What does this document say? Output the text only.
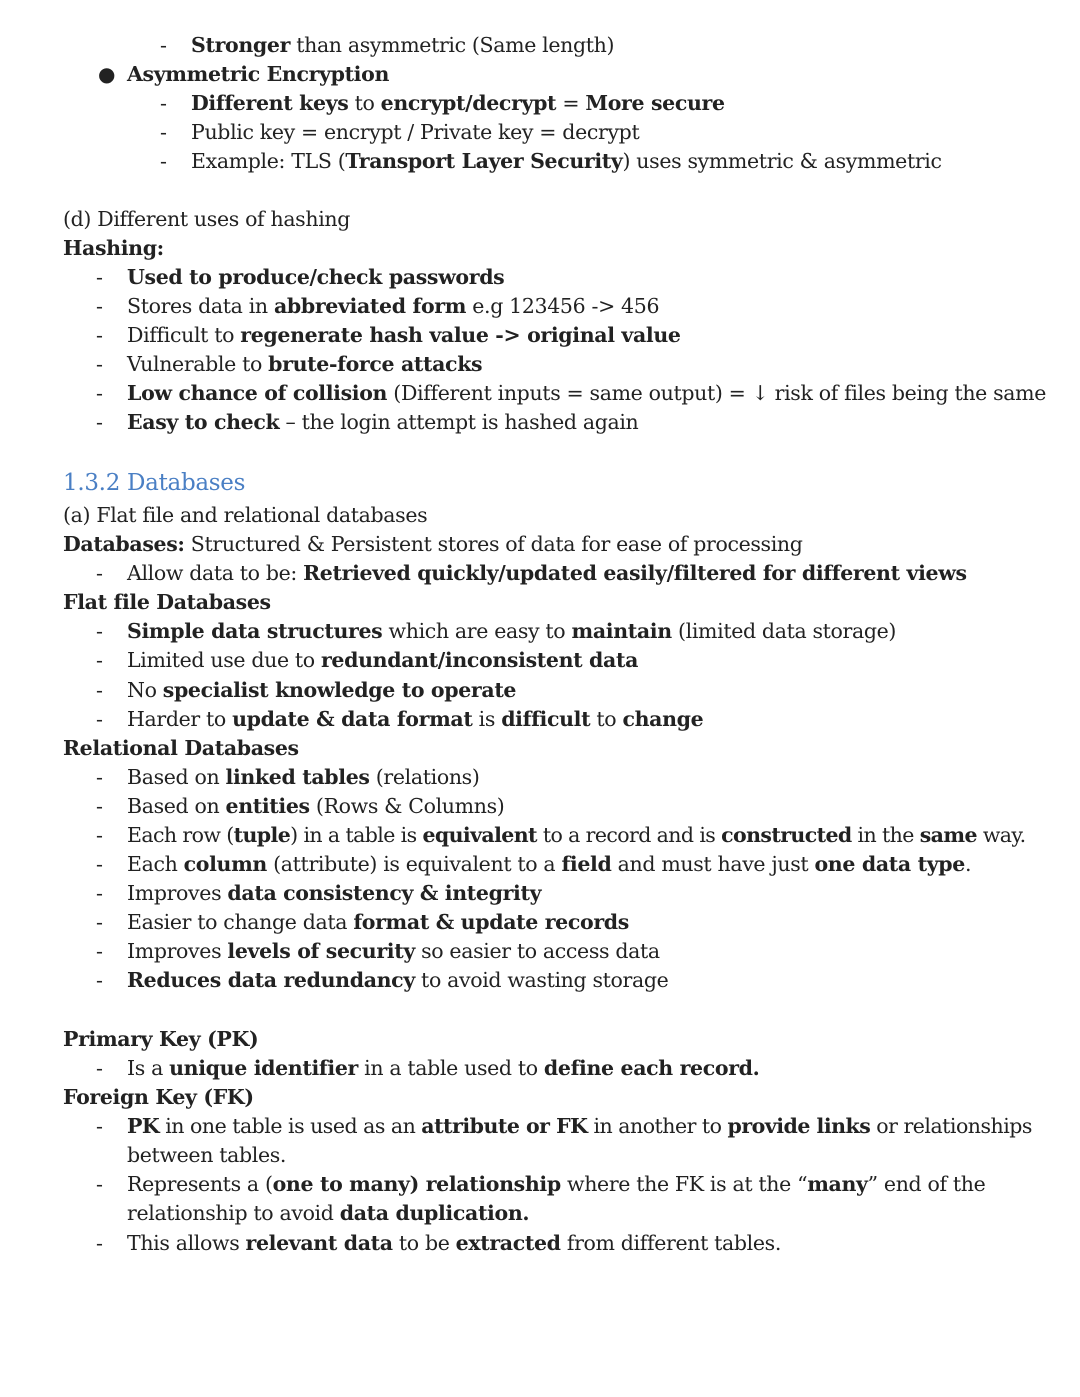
- Stronger than asymmetric (Same length)
● Asymmetric Encryption
- Different keys to encrypt/decrypt = More secure
- Public key = encrypt / Private key = decrypt
- Example: TLS (Transport Layer Security) uses symmetric & asymmetric
(d) Different uses of hashing
Hashing:
- Used to produce/check passwords
- Stores data in abbreviated form e.g 123456 -> 456
- Difficult to regenerate hash value -> original value
- Vulnerable to brute-force attacks
- Low chance of collision (Different inputs = same output) = ↓ risk of files being the same
- Easy to check – the login attempt is hashed again
1.3.2 Databases
(a) Flat file and relational databases
Databases: Structured & Persistent stores of data for ease of processing
- Allow data to be: Retrieved quickly/updated easily/filtered for different views
Flat file Databases
- Simple data structures which are easy to maintain (limited data storage)
- Limited use due to redundant/inconsistent data
- No specialist knowledge to operate
- Harder to update & data format is difficult to change
Relational Databases
- Based on linked tables (relations)
- Based on entities (Rows & Columns)
- Each row (tuple) in a table is equivalent to a record and is constructed in the same way.
- Each column (attribute) is equivalent to a field and must have just one data type.
- Improves data consistency & integrity
- Easier to change data format & update records
- Improves levels of security so easier to access data
- Reduces data redundancy to avoid wasting storage
Primary Key (PK)
- Is a unique identifier in a table used to define each record.
Foreign Key (FK)
- PK in one table is used as an attribute or FK in another to provide links or relationships
between tables.
- Represents a (one to many) relationship where the FK is at the “many” end of the
relationship to avoid data duplication.
- This allows relevant data to be extracted from different tables.
